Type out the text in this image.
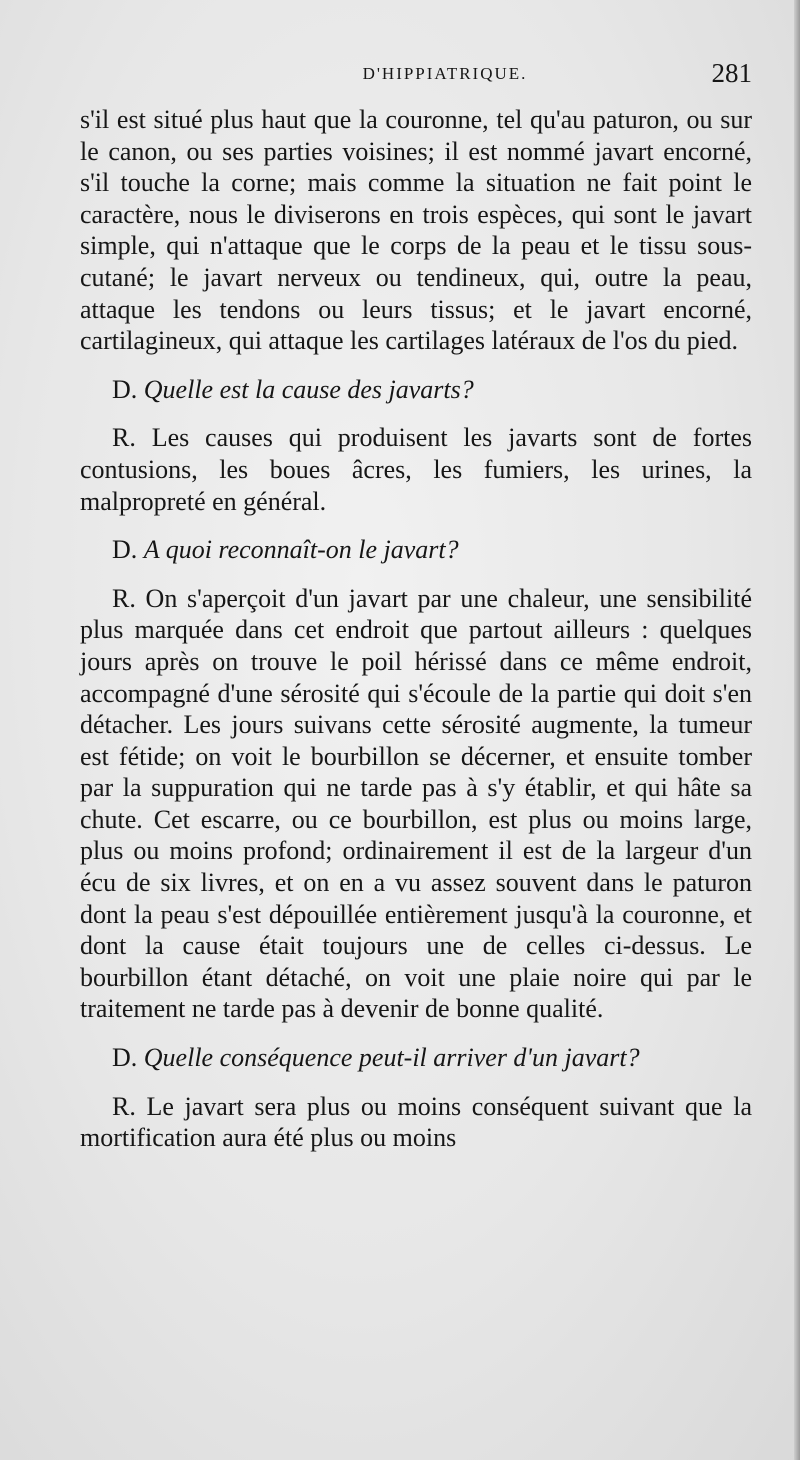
D'HIPPIATRIQUE.	281

s'il est situé plus haut que la couronne, tel qu'au paturon, ou sur le canon, ou ses parties voisines; il est nommé javart encorné, s'il touche la corne; mais comme la situation ne fait point le caractère, nous le diviserons en trois espèces, qui sont le javart simple, qui n'attaque que le corps de la peau et le tissu sous-cutané; le javart nerveux ou tendineux, qui, outre la peau, attaque les tendons ou leurs tissus; et le javart encorné, cartilagineux, qui attaque les cartilages latéraux de l'os du pied.

D. Quelle est la cause des javarts?

R. Les causes qui produisent les javarts sont de fortes contusions, les boues âcres, les fumiers, les urines, la malpropreté en général.

D. A quoi reconnaît-on le javart?

R. On s'aperçoit d'un javart par une chaleur, une sensibilité plus marquée dans cet endroit que partout ailleurs : quelques jours après on trouve le poil hérissé dans ce même endroit, accompagné d'une sérosité qui s'écoule de la partie qui doit s'en détacher. Les jours suivans cette sérosité augmente, la tumeur est fétide; on voit le bourbillon se décerner, et ensuite tomber par la suppuration qui ne tarde pas à s'y établir, et qui hâte sa chute. Cet escarre, ou ce bourbillon, est plus ou moins large, plus ou moins profond; ordinairement il est de la largeur d'un écu de six livres, et on en a vu assez souvent dans le paturon dont la peau s'est dépouillée entièrement jusqu'à la couronne, et dont la cause était toujours une de celles ci-dessus. Le bourbillon étant détaché, on voit une plaie noire qui par le traitement ne tarde pas à devenir de bonne qualité.

D. Quelle conséquence peut-il arriver d'un javart?

R. Le javart sera plus ou moins conséquent suivant que la mortification aura été plus ou moins
